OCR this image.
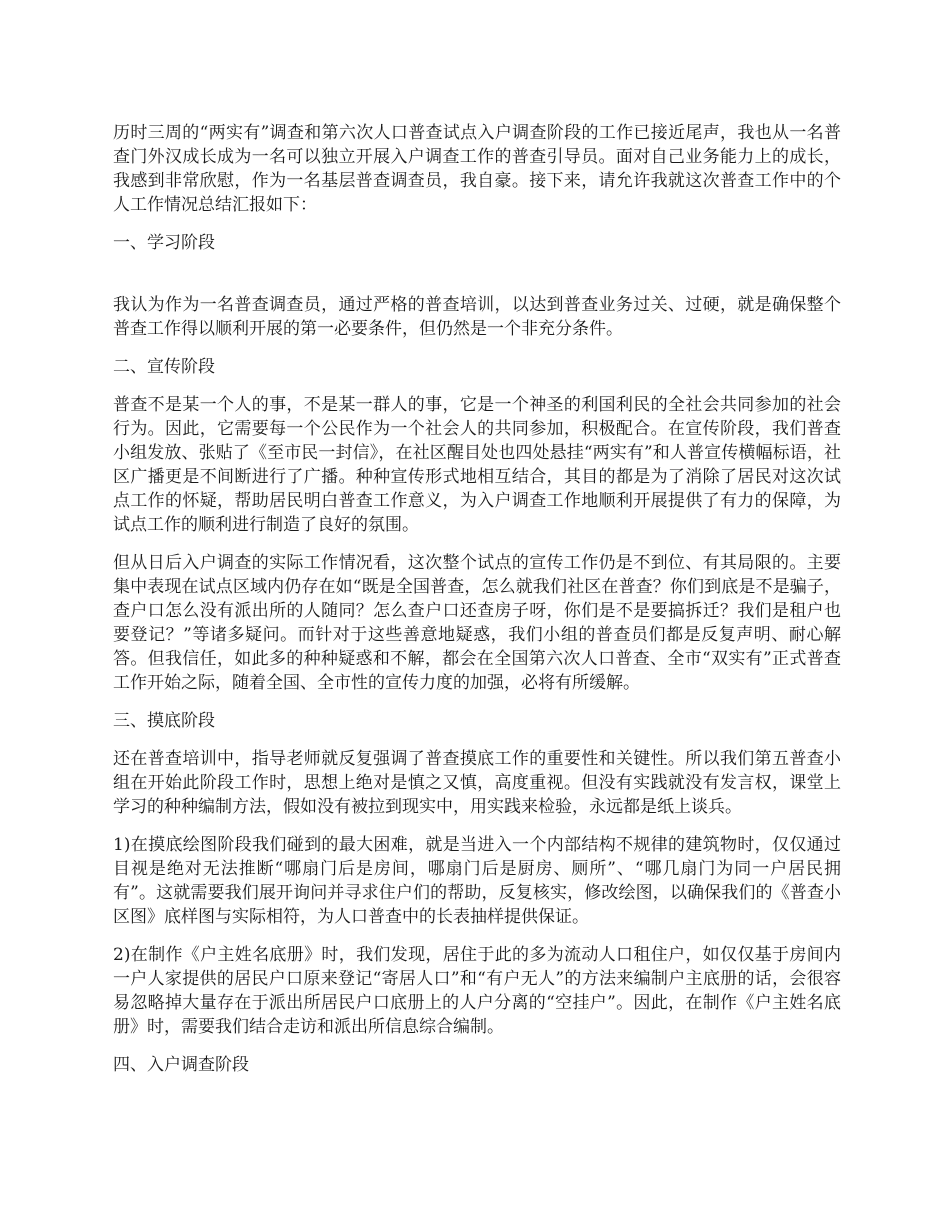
历时三周的“两实有”调查和第六次人口普查试点入户调查阶段的工作已接近尾声，我也从一名普查门外汉成长成为一名可以独立开展入户调查工作的普查引导员。面对自己业务能力上的成长，我感到非常欣慰，作为一名基层普查调查员，我自豪。接下来，请允许我就这次普查工作中的个人工作情况总结汇报如下：

一、学习阶段

我认为作为一名普查调查员，通过严格的普查培训，以达到普查业务过关、过硬，就是确保整个普查工作得以顺利开展的第一必要条件，但仍然是一个非充分条件。

二、宣传阶段

普查不是某一个人的事，不是某一群人的事，它是一个神圣的利国利民的全社会共同参加的社会行为。因此，它需要每一个公民作为一个社会人的共同参加，积极配合。在宣传阶段，我们普查小组发放、张贴了《至市民一封信》，在社区醒目处也四处悬挂“两实有”和人普宣传横幅标语，社区广播更是不间断进行了广播。种种宣传形式地相互结合，其目的都是为了消除了居民对这次试点工作的怀疑，帮助居民明白普查工作意义，为入户调查工作地顺利开展提供了有力的保障，为试点工作的顺利进行制造了良好的氛围。

但从日后入户调查的实际工作情况看，这次整个试点的宣传工作仍是不到位、有其局限的。主要集中表现在试点区域内仍存在如“既是全国普查，怎么就我们社区在普查？你们到底是不是骗子，查户口怎么没有派出所的人随同？怎么查户口还查房子呀，你们是不是要搞拆迁？我们是租户也要登记？”等诸多疑问。而针对于这些善意地疑惑，我们小组的普查员们都是反复声明、耐心解答。但我信任，如此多的种种疑惑和不解，都会在全国第六次人口普查、全市“双实有”正式普查工作开始之际，随着全国、全市性的宣传力度的加强，必将有所缓解。

三、摸底阶段

还在普查培训中，指导老师就反复强调了普查摸底工作的重要性和关键性。所以我们第五普查小组在开始此阶段工作时，思想上绝对是慎之又慎，高度重视。但没有实践就没有发言权，课堂上学习的种种编制方法，假如没有被拉到现实中，用实践来检验，永远都是纸上谈兵。

1)在摸底绘图阶段我们碰到的最大困难，就是当进入一个内部结构不规律的建筑物时，仅仅通过目视是绝对无法推断“哪扇门后是房间，哪扇门后是厨房、厕所”、“哪几扇门为同一户居民拥有”。这就需要我们展开询问并寻求住户们的帮助，反复核实，修改绘图，以确保我们的《普查小区图》底样图与实际相符，为人口普查中的长表抽样提供保证。

2)在制作《户主姓名底册》时，我们发现，居住于此的多为流动人口租住户，如仅仅基于房间内一户人家提供的居民户口原来登记“寄居人口”和“有户无人”的方法来编制户主底册的话，会很容易忽略掉大量存在于派出所居民户口底册上的人户分离的“空挂户”。因此，在制作《户主姓名底册》时，需要我们结合走访和派出所信息综合编制。

四、入户调查阶段
